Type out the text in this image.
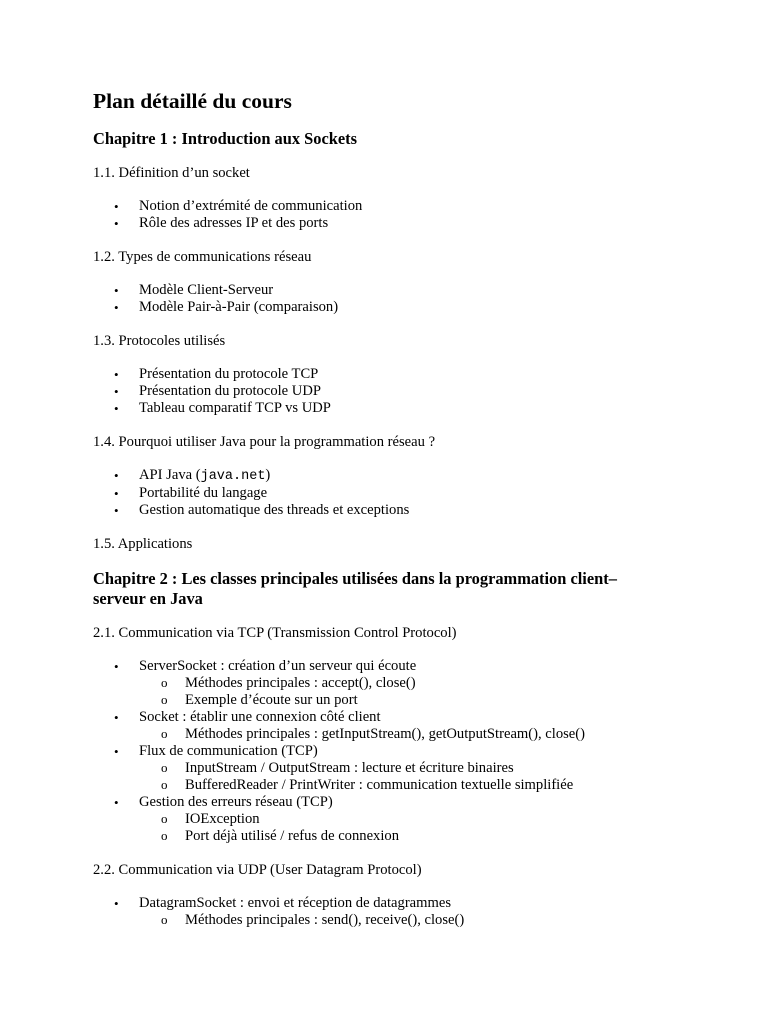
Plan détaillé du cours
Chapitre 1 : Introduction aux Sockets

1.1. Définition d’un socket

• Notion d’extrémité de communication
• Rôle des adresses IP et des ports

1.2. Types de communications réseau

• Modèle Client-Serveur
• Modèle Pair-à-Pair (comparaison)

1.3. Protocoles utilisés

• Présentation du protocole TCP
• Présentation du protocole UDP
• Tableau comparatif TCP vs UDP

1.4. Pourquoi utiliser Java pour la programmation réseau ?

• API Java (java.net)
• Portabilité du langage
• Gestion automatique des threads et exceptions

1.5. Applications

Chapitre 2 : Les classes principales utilisées dans la programmation client–
serveur en Java

2.1. Communication via TCP (Transmission Control Protocol)

• ServerSocket : création d’un serveur qui écoute
o Méthodes principales : accept(), close()
o Exemple d’écoute sur un port
• Socket : établir une connexion côté client
o Méthodes principales : getInputStream(), getOutputStream(), close()
• Flux de communication (TCP)
o InputStream / OutputStream : lecture et écriture binaires
o BufferedReader / PrintWriter : communication textuelle simplifiée
• Gestion des erreurs réseau (TCP)
o IOException
o Port déjà utilisé / refus de connexion

2.2. Communication via UDP (User Datagram Protocol)

• DatagramSocket : envoi et réception de datagrammes
o Méthodes principales : send(), receive(), close()
